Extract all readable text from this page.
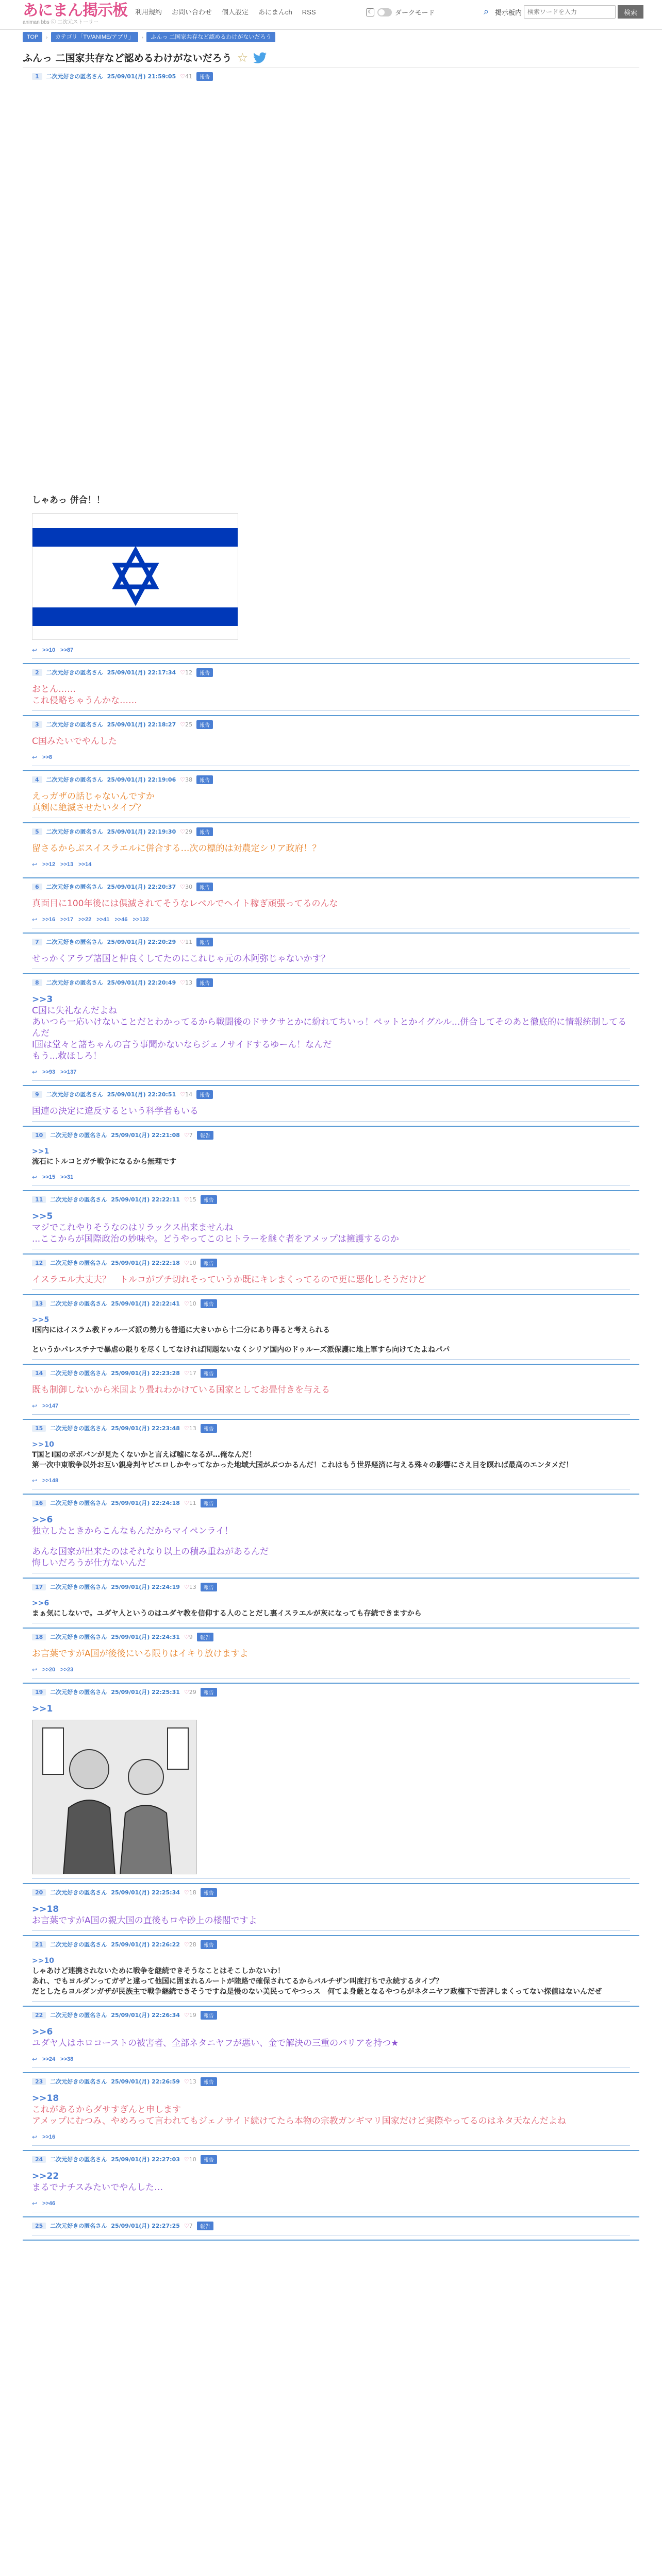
あにまん掲示板
animan bbs ⓒ 二次元ストーリー
利用規約	お問い合わせ	個人設定	あにまんch	RSS	☾	ダークモード	⌕ 掲示板内
検索ワードを入力	検索
TOP	›	カテゴリ「TV/ANIME/アプリ」	›	ふんっ 二国家共存など認めるわけがないだろう
ふんっ 二国家共存など認めるわけがないだろう ☆
1	二次元好きの匿名さん 25/09/01(月) 21:59:05 ♡41	報告
しゃあっ 併合！！
↩ >>10 >>87
2	二次元好きの匿名さん 25/09/01(月) 22:17:34 ♡12	報告
おとん……
これ侵略ちゃうんかな……
3	二次元好きの匿名さん 25/09/01(月) 22:18:27 ♡25	報告
C国みたいでやんした
↩ >>8
4	二次元好きの匿名さん 25/09/01(月) 22:19:06 ♡38	報告
えっガザの話じゃないんですか
真剣に絶滅させたいタイプ？
5	二次元好きの匿名さん 25/09/01(月) 22:19:30 ♡29	報告
留さるからぶスイスラエルに併合する…次の標的は対農定シリア政府！？
↩ >>12 >>13 >>14
6	二次元好きの匿名さん 25/09/01(月) 22:20:37 ♡30	報告
真面目に100年後には倶滅されてそうなレベルでヘイト稼ぎ頑張ってるのんな
↩ >>16 >>17 >>22 >>41 >>46 >>132
7	二次元好きの匿名さん 25/09/01(月) 22:20:29 ♡11	報告
せっかくアラブ諸国と仲良くしてたのにこれじゃ元の木阿弥じゃないかす？
8	二次元好きの匿名さん 25/09/01(月) 22:20:49 ♡13	報告
>>3
C国に失礼なんだよね
あいつら一応いけないことだとわかってるから戦闘後のドサクサとかに紛れてちいっ！ペットとかイグルル...併合してそのあと徹底的に情報統制してるんだ
I国は堂々と諸ちゃんの言う事聞かないならジェノサイドするゆーん！なんだ
もう...救ほしろ！
↩ >>93 >>137
9	二次元好きの匿名さん 25/09/01(月) 22:20:51 ♡14	報告
国連の決定に違反するという科学者もいる
10	二次元好きの匿名さん 25/09/01(月) 22:21:08 ♡7	報告
>>1
流石にトルコとガチ戦争になるから無理です
↩ >>15 >>31
11	二次元好きの匿名さん 25/09/01(月) 22:22:11 ♡15	報告
>>5
マジでこれやりそうなのはリラックス出来ませんね
...ここからが国際政治の妙味や。どうやってこのヒトラーを継ぐ者をアメップは擁護するのか
12	二次元好きの匿名さん 25/09/01(月) 22:22:18 ♡10	報告
イスラエル大丈夫？　トルコがブチ切れそっていうか既にキレまくってるので更に悪化しそうだけど
13	二次元好きの匿名さん 25/09/01(月) 22:22:41 ♡10	報告
>>5
I国内にはイスラム教ドゥルーズ派の勢力も普通に大きいから十二分にあり得ると考えられる
というかパレスチナで暴虐の限りを尽くしてなければ問題ないなくシリア国内のドゥルーズ派保護に地上軍すら向けてたよねパパ
14	二次元好きの匿名さん 25/09/01(月) 22:23:28 ♡17	報告
既も制御しないから米国より畳れわかけている国家としてお畳付きを与える
↩ >>147
15	二次元好きの匿名さん 25/09/01(月) 22:23:48 ♡13	報告
>>10
T国とI国のボボバンが見たくないかと言えば嘘になるが…俺なんだ！
第一次中東戦争以外お互い親身判ヤビエロしかやってなかった地域大国がぶつかるんだ！これはもう世界経済に与える殊々の影響にさえ目を瞑れば最高のエンタメだ！
↩ >>148
16	二次元好きの匿名さん 25/09/01(月) 22:24:18 ♡11	報告
>>6
独立したときからこんなもんだからマイペンライ！
あんな国家が出来たのはそれなり以上の積み重ねがあるんだ
悔しいだろうが仕方ないんだ
17	二次元好きの匿名さん 25/09/01(月) 22:24:19 ♡13	報告
>>6
まぁ気にしないで。ユダヤ人というのはユダヤ教を信仰する人のことだし裏イスラエルが灰になっても存続できますから
18	二次元好きの匿名さん 25/09/01(月) 22:24:31 ♡9	報告
お言葉ですがA国が後後にいる限りはイキり放けますよ
↩ >>20 >>23
19	二次元好きの匿名さん 25/09/01(月) 22:25:31 ♡29	報告
>>1
20	二次元好きの匿名さん 25/09/01(月) 22:25:34 ♡18	報告
>>18
お言葉ですがA国の親大国の直後もロや砂上の楼閣ですよ
21	二次元好きの匿名さん 25/09/01(月) 22:26:22 ♡28	報告
>>10
しゃあけど連携されないために戦争を継続できそうなことはそこしかないわ！
あれ、でもヨルダンってガザと違って他国に囲まれるルートが陸路で確保されてるからパルチザン叫度打ちで永続するタイプ？
だとしたらヨルダンガザが民族主で戦争継続できそうですね是慢のない美民ってやつっス　何てよ身厳となるやつらがネタニヤフ政権下で苦評しまくってない探値はないんだぜ
22	二次元好きの匿名さん 25/09/01(月) 22:26:34 ♡19	報告
>>6
ユダヤ人はホロコーストの被害者、全部ネタニヤフが悪い、金で解決の三重のバリアを持つ★
↩ >>24 >>38
23	二次元好きの匿名さん 25/09/01(月) 22:26:59 ♡13	報告
>>18
これがあるからダサすぎんと申します
アメップにむつみ、やめろって言われてもジェノサイド続けてたら本物の宗教ガンギマリ国家だけど実際やってるのはネタ天なんだよね
↩ >>16
24	二次元好きの匿名さん 25/09/01(月) 22:27:03 ♡10	報告
>>22
まるでナチスみたいでやんした…
↩ >>46
25	二次元好きの匿名さん 25/09/01(月) 22:27:25 ♡7	報告
